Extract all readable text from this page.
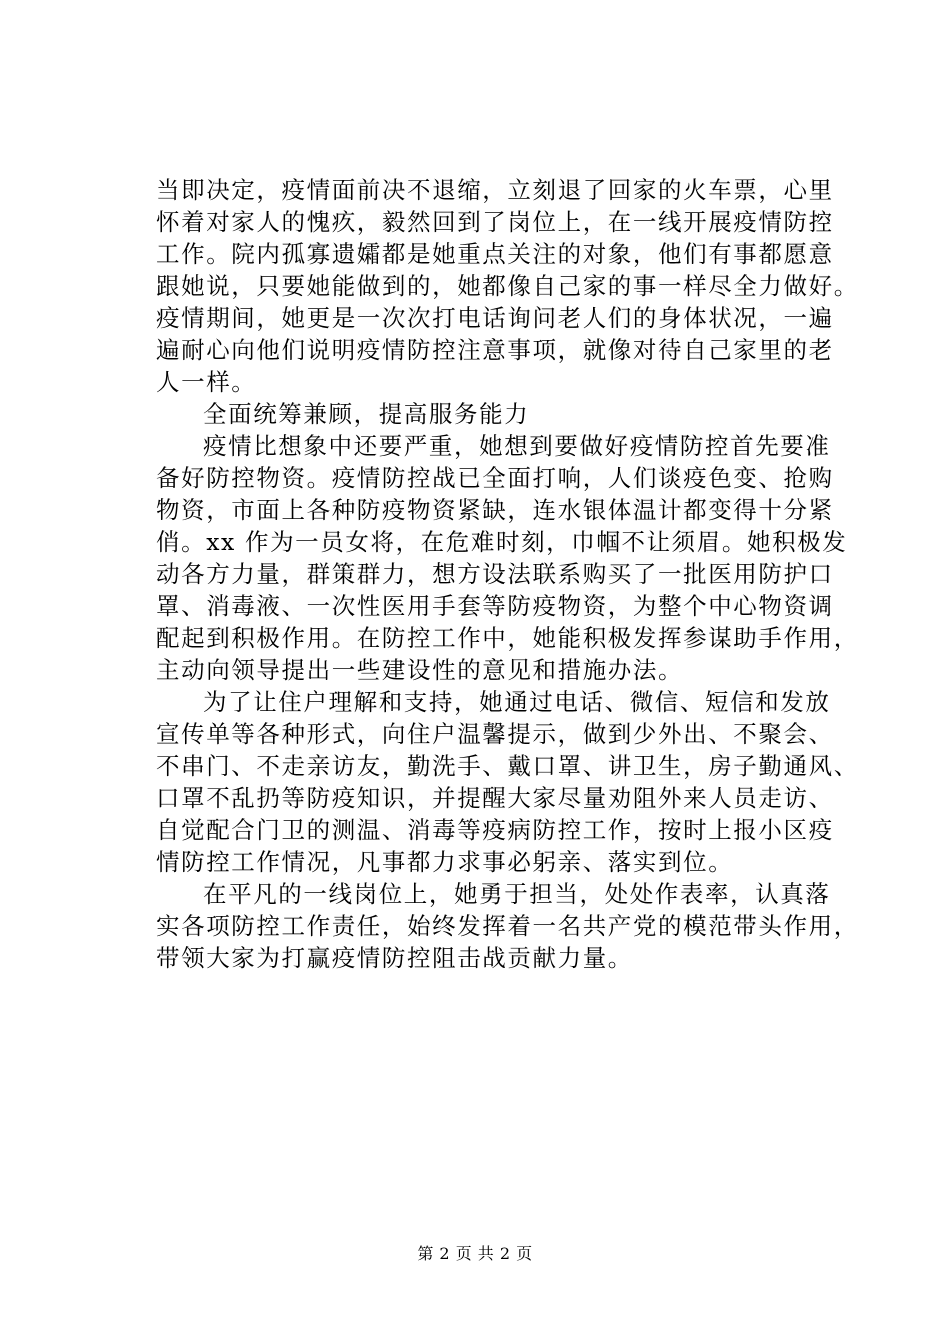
当即决定，疫情面前决不退缩，立刻退了回家的火车票，心里
怀着对家人的愧疚，毅然回到了岗位上，在一线开展疫情防控
工作。院内孤寡遗孀都是她重点关注的对象，他们有事都愿意
跟她说，只要她能做到的，她都像自己家的事一样尽全力做好。
疫情期间，她更是一次次打电话询问老人们的身体状况，一遍
遍耐心向他们说明疫情防控注意事项，就像对待自己家里的老
人一样。
全面统筹兼顾，提高服务能力
疫情比想象中还要严重，她想到要做好疫情防控首先要准
备好防控物资。疫情防控战已全面打响，人们谈疫色变、抢购
物资，市面上各种防疫物资紧缺，连水银体温计都变得十分紧
俏。xx 作为一员女将，在危难时刻，巾帼不让须眉。她积极发
动各方力量，群策群力，想方设法联系购买了一批医用防护口
罩、消毒液、一次性医用手套等防疫物资，为整个中心物资调
配起到积极作用。在防控工作中，她能积极发挥参谋助手作用，
主动向领导提出一些建设性的意见和措施办法。
为了让住户理解和支持，她通过电话、微信、短信和发放
宣传单等各种形式，向住户温馨提示，做到少外出、不聚会、
不串门、不走亲访友，勤洗手、戴口罩、讲卫生，房子勤通风、
口罩不乱扔等防疫知识，并提醒大家尽量劝阻外来人员走访、
自觉配合门卫的测温、消毒等疫病防控工作，按时上报小区疫
情防控工作情况，凡事都力求事必躬亲、落实到位。
在平凡的一线岗位上，她勇于担当，处处作表率，认真落
实各项防控工作责任，始终发挥着一名共产党的模范带头作用，
带领大家为打赢疫情防控阻击战贡献力量。
第 2 页 共 2 页
